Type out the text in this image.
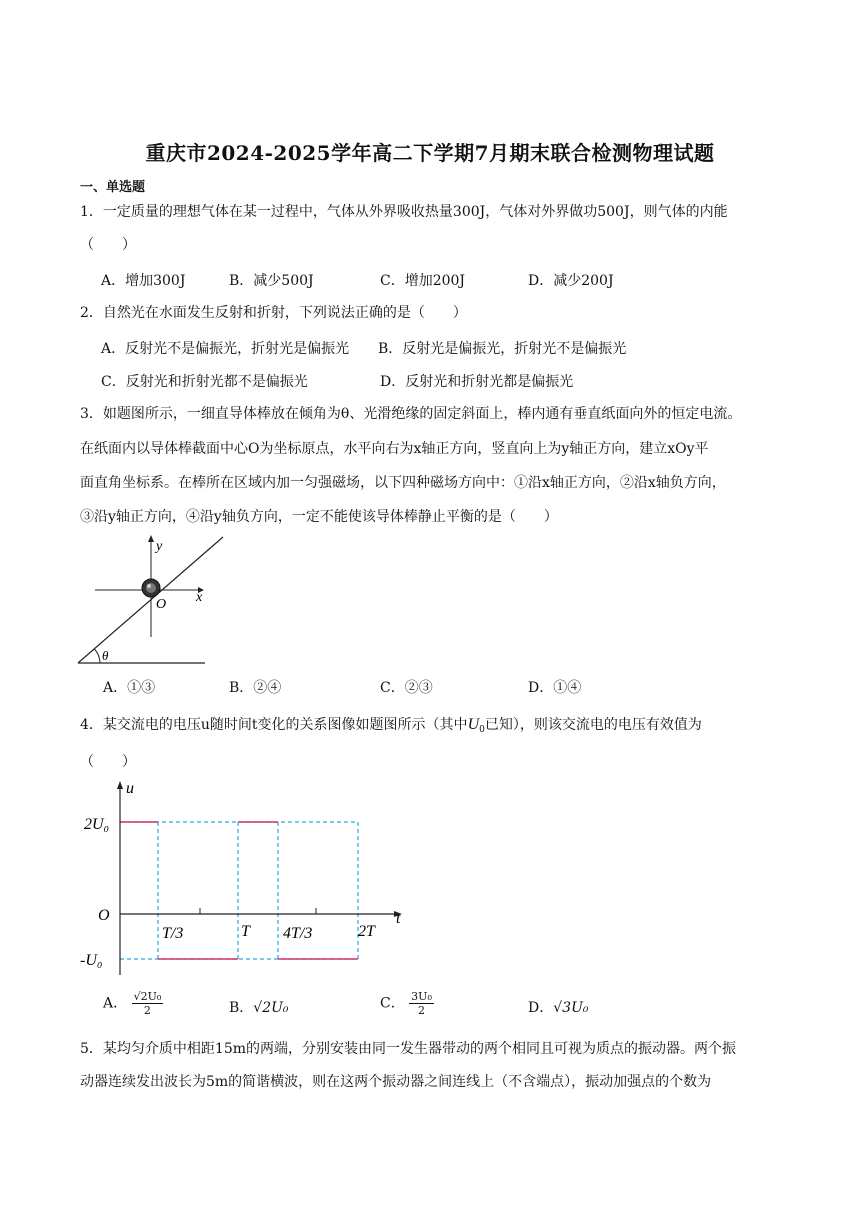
重庆市2024-2025学年高二下学期7月期末联合检测物理试题
一、单选题
1．一定质量的理想气体在某一过程中，气体从外界吸收热量300J，气体对外界做功500J，则气体的内能
（　　）
A．增加300J	B．减少500J	C．增加200J	D．减少200J
2．自然光在水面发生反射和折射，下列说法正确的是（　　）
A．反射光不是偏振光，折射光是偏振光 B．反射光是偏振光，折射光不是偏振光
C．反射光和折射光都不是偏振光	D．反射光和折射光都是偏振光
3．如题图所示，一细直导体棒放在倾角为θ、光滑绝缘的固定斜面上，棒内通有垂直纸面向外的恒定电流。
在纸面内以导体棒截面中心O为坐标原点，水平向右为x轴正方向，竖直向上为y轴正方向，建立xOy平
面直角坐标系。在棒所在区域内加一匀强磁场，以下四种磁场方向中：①沿x轴正方向，②沿x轴负方向，
③沿y轴正方向，④沿y轴负方向，一定不能使该导体棒静止平衡的是（　　）
θ
x
y
O
A．①③	B．②④	C．②③	D．①④
4．某交流电的电压u随时间t变化的关系图像如题图所示（其中$U_0$已知），则该交流电的电压有效值为
（　　）
u
t
O
2U₀
-U₀
T/3	T 4T/3	2T
A． $\frac{\text{√2U₀}}{2}$	B．√2U₀	C． $\frac{\text{3U₀}}{2}$	D．√3U₀
5．某均匀介质中相距15m的两端，分别安装由同一发生器带动的两个相同且可视为质点的振动器。两个振
动器连续发出波长为5m的简谐横波，则在这两个振动器之间连线上（不含端点），振动加强点的个数为
